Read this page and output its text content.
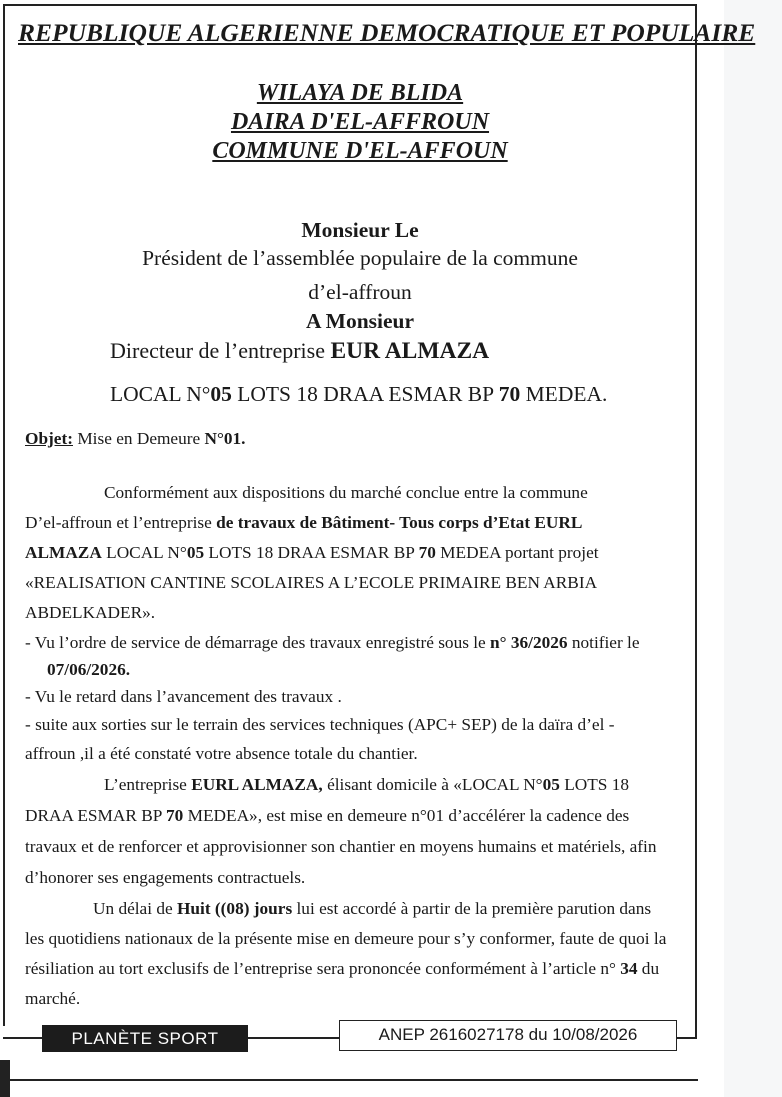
REPUBLIQUE ALGERIENNE DEMOCRATIQUE ET POPULAIRE
WILAYA DE BLIDA
DAIRA D'EL-AFFROUN
COMMUNE D'EL-AFFOUN
Monsieur Le
Président de l’assemblée populaire de la commune
d’el-affroun
A Monsieur
Directeur de l’entreprise EUR ALMAZA
LOCAL N°05 LOTS 18 DRAA ESMAR BP 70 MEDEA.
Objet: Mise en Demeure N°01.
Conformément aux dispositions du marché conclue entre la commune
D’el-affroun et l’entreprise de travaux de Bâtiment- Tous corps d’Etat EURL
ALMAZA LOCAL N°05 LOTS 18 DRAA ESMAR BP 70 MEDEA portant projet
«REALISATION CANTINE SCOLAIRES A L’ECOLE PRIMAIRE BEN ARBIA
ABDELKADER».
- Vu l’ordre de service de démarrage des travaux enregistré sous le n° 36/2026 notifier le
07/06/2026.
- Vu le retard dans l’avancement des travaux .
- suite aux sorties sur le terrain des services techniques (APC+ SEP) de la daïra d’el -
affroun ,il a été constaté votre absence totale du chantier.
L’entreprise EURL ALMAZA, élisant domicile à «LOCAL N°05 LOTS 18
DRAA ESMAR BP 70 MEDEA», est mise en demeure n°01 d’accélérer la cadence des
travaux et de renforcer et approvisionner son chantier en moyens humains et matériels, afin
d’honorer ses engagements contractuels.
Un délai de Huit ((08) jours lui est accordé à partir de la première parution dans
les quotidiens nationaux de la présente mise en demeure pour s’y conformer, faute de quoi la
résiliation au tort exclusifs de l’entreprise sera prononcée conformément à l’article n° 34 du
marché.
PLANÈTE SPORT	ANEP 2616027178 du 10/08/2026
